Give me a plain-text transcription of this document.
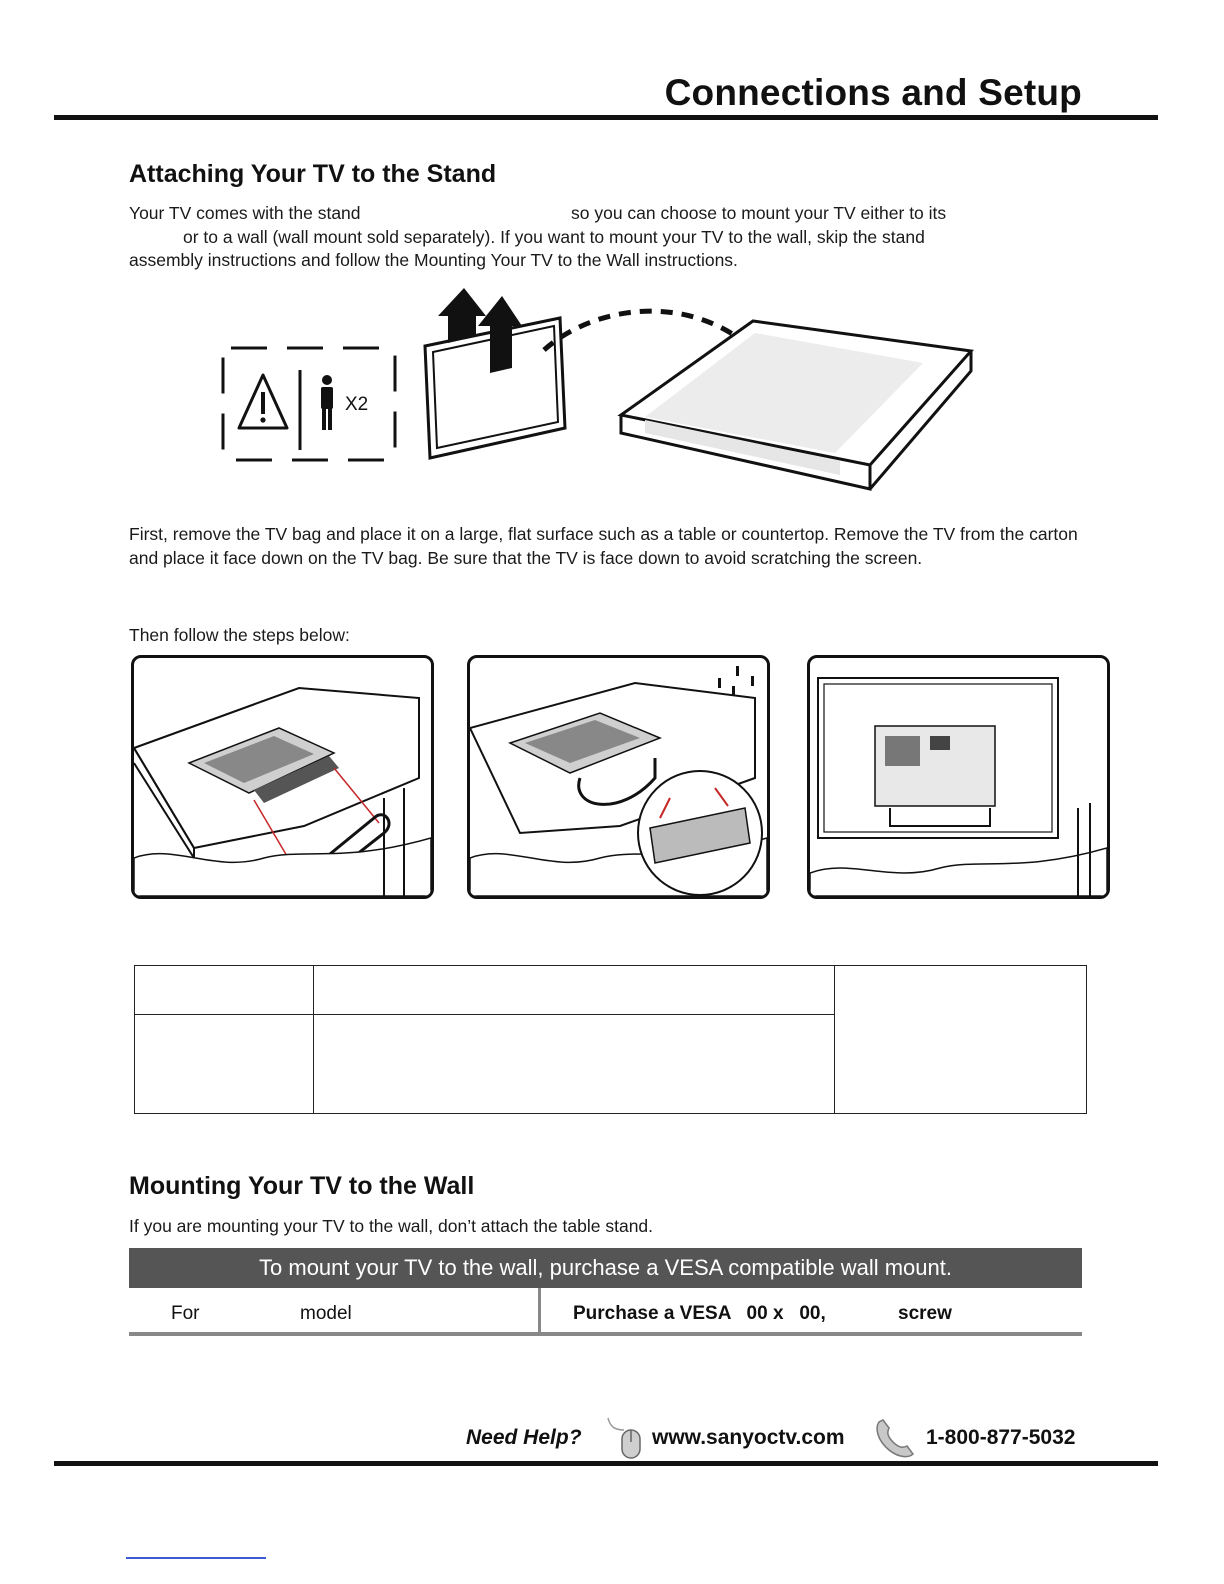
Connections and Setup
Attaching Your TV to the Stand
Your TV comes with the stand	so you can choose to mount your TV either to its
or to a wall (wall mount sold separately). If you want to mount your TV to the wall, skip the stand
assembly instructions and follow the Mounting Your TV to the Wall instructions.
X2
First, remove the TV bag and place it on a large, flat surface such as a table or countertop. Remove the TV from the carton and place it face down on the TV bag. Be sure that the TV is face down to avoid scratching the screen.
Then follow the steps below:
Mounting Your TV to the Wall
If you are mounting your TV to the wall, don’t attach the table stand.
To mount your TV to the wall, purchase a VESA compatible wall mount.
For	model	Purchase a VESA   00 x   00,	screw
Need Help?	www.sanyoctv.com	1-800-877-5032
